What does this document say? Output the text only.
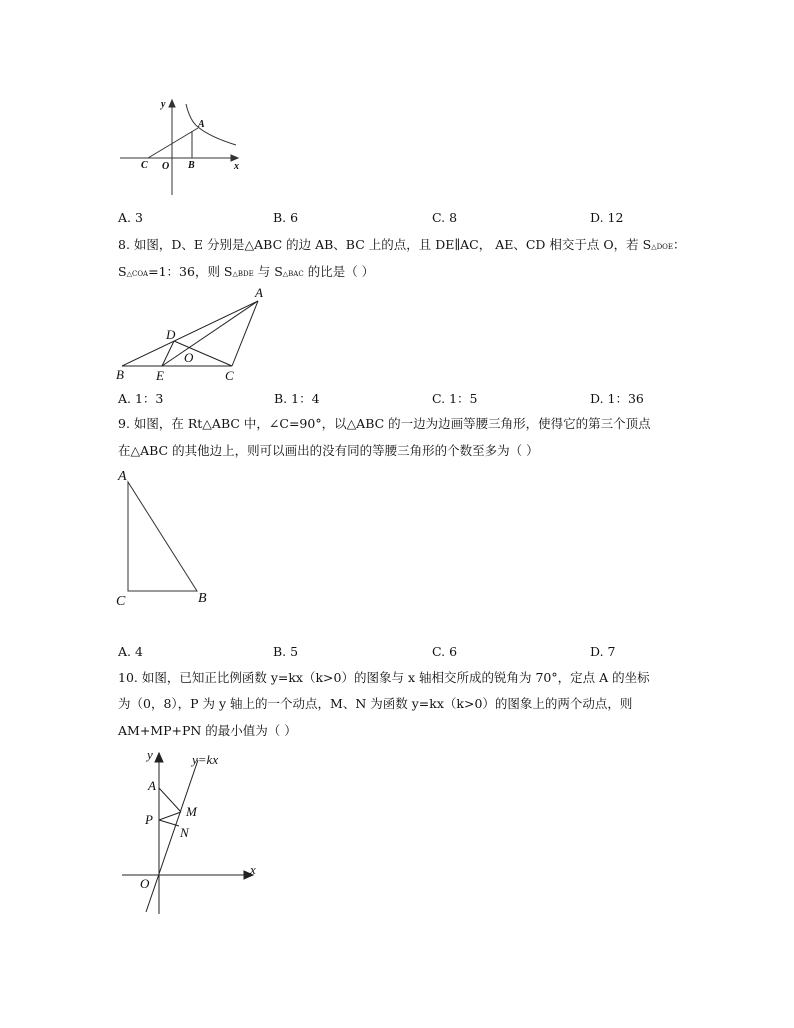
y
x
A
B
C O
A. 3	B. 6	C. 8	D. 12
8. 如图，D、E 分别是△ABC 的边 AB、BC 上的点，且 DE∥AC， AE、CD 相交于点 O，若 S△DOE：
S△COA=1：36，则 S△BDE 与 S△BAC 的比是（ ）
A
D
O
B E	C
A. 1：3	B. 1：4	C. 1：5	D. 1：36
9. 如图，在 Rt△ABC 中，∠C=90°，以△ABC 的一边为边画等腰三角形，使得它的第三个顶点
在△ABC 的其他边上，则可以画出的没有同的等腰三角形的个数至多为（ ）
A
C	B
A. 4	B. 5	C. 6	D. 7
10. 如图，已知正比例函数 y=kx（k>0）的图象与 x 轴相交所成的锐角为 70°，定点 A 的坐标
为（0，8），P 为 y 轴上的一个动点，M、N 为函数 y=kx（k>0）的图象上的两个动点，则
AM+MP+PN 的最小值为（ ）
y	y=kx
A
P
M
N
O
x
